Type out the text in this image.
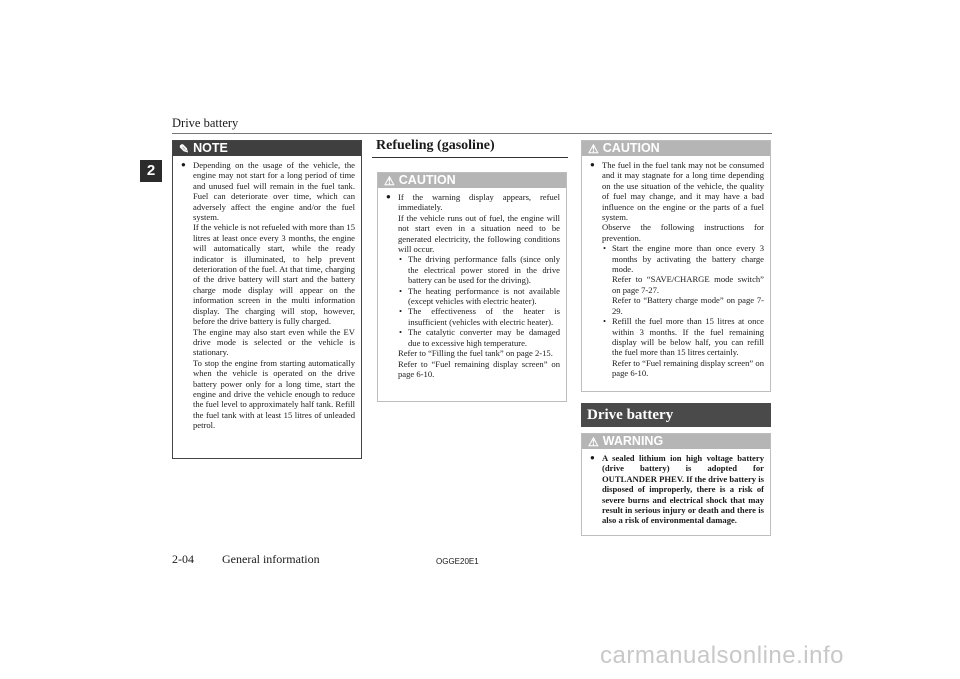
Drive battery
2
✎ NOTE

● Depending on the usage of the vehicle, the engine may not start for a long period of time and unused fuel will remain in the fuel tank. Fuel can deteriorate over time, which can adversely affect the engine and/or the fuel system.

If the vehicle is not refueled with more than 15 litres at least once every 3 months, the engine will automatically start, while the ready indicator is illuminated, to help prevent deterioration of the fuel. At that time, charging of the drive battery will start and the battery charge mode display will appear on the information screen in the multi information display. The charging will stop, however, before the drive battery is fully charged.

The engine may also start even while the EV drive mode is selected or the vehicle is stationary.

To stop the engine from starting automatically when the vehicle is operated on the drive battery power only for a long time, start the engine and drive the vehicle enough to reduce the fuel level to approximately half tank. Refill the fuel tank with at least 15 litres of unleaded petrol.

Refueling (gasoline)
⚠ CAUTION

● If the warning display appears, refuel immediately.

If the vehicle runs out of fuel, the engine will not start even in a situation need to be generated electricity, the following conditions will occur.

• The driving performance falls (since only the electrical power stored in the drive battery can be used for the driving).

• The heating performance is not available (except vehicles with electric heater).

• The effectiveness of the heater is insufficient (vehicles with electric heater).

• The catalytic converter may be damaged due to excessive high temperature.

Refer to “Filling the fuel tank” on page 2-15.

Refer to “Fuel remaining display screen” on page 6-10.

⚠ CAUTION

● The fuel in the fuel tank may not be consumed and it may stagnate for a long time depending on the use situation of the vehicle, the quality of fuel may change, and it may have a bad influence on the engine or the parts of a fuel system.

Observe the following instructions for prevention.

• Start the engine more than once every 3 months by activating the battery charge mode.

Refer to “SAVE/CHARGE mode switch” on page 7-27.

Refer to “Battery charge mode” on page 7-29.

• Refill the fuel more than 15 litres at once within 3 months. If the fuel remaining display will be below half, you can refill the fuel more than 15 litres certainly.

Refer to “Fuel remaining display screen” on page 6-10.

Drive battery
⚠ WARNING

● A sealed lithium ion high voltage battery (drive battery) is adopted for OUTLANDER PHEV. If the drive battery is disposed of improperly, there is a risk of severe burns and electrical shock that may result in serious injury or death and there is also a risk of environmental damage.

2-04 General information	OGGE20E1
carmanualsonline.info
